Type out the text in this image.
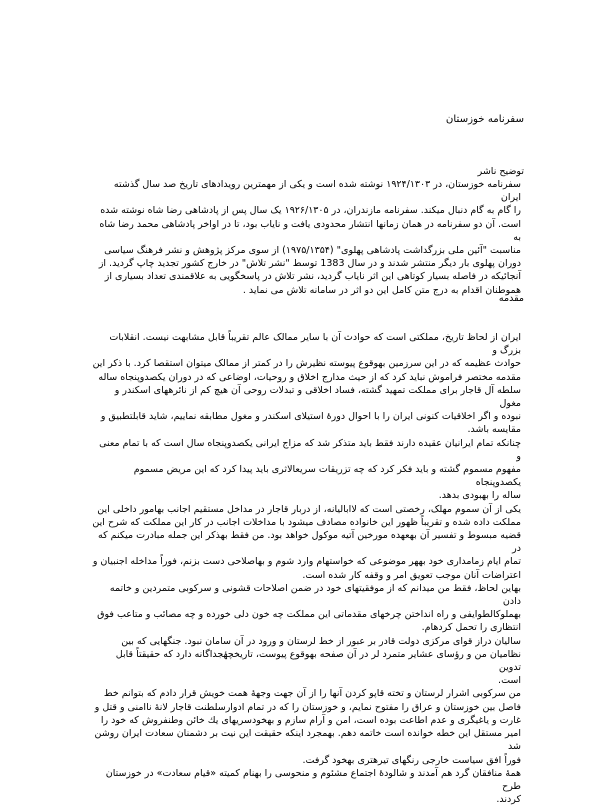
سفرنامه خوزستان
توضیح ناشر
سفرنامه خوزستان، در ۱۹۲۴/۱۳۰۳ نوشته شده است و یکی از مهمترین رویدادهای تاریخ صد سال گذشته ایران
را گام به گام دنبال میکند. سفرنامه مازندران، در ۱۹۲۶/۱۳۰۵ یک سال پس از پادشاهی رضا شاه نوشته شده
است. آن دو سفرنامه در همان زمانها انتشار محدودی یافت و نایاب بود، تا در اواخر پادشاهی محمد رضا شاه به
مناسبت "آئین ملی بزرگداشت پادشاهی پهلوی" (۱۹۷۵/۱۳۵۴) از سوی مرکز پژوهش و نشر فرهنگ سیاسی
دوران پهلوی بار دیگر منتشر شدند و در سال 1383 توسط "نشر تلاش" در خارج کشور تجدید چاپ گردید. از
آنجائیکه در فاصله بسیار کوتاهی این اثر نایاب گردید، نشر تلاش در پاسخگویی به علاقمندی تعداد بسیاری از
هموطنان اقدام به درج متن کامل این دو اثر در سامانه تلاش می نماید .
مقدمه
ایران از لحاظ تاریخ، مملکتی است که حوادث آن با سایر ممالک عالم تقریباً قابل مشابهت نیست. انقلابات بزرگ و
حوادث عظیمه که در این سرزمین بهوقوع پیوسته نظیرش را در کمتر از ممالک میتوان استقصا کرد. با ذکر این
مقدمه مختصر فراموش نباید کرد که از حیث مدارج اخلاق و روحیات، اوضاعی که در دوران یکصدوپنجاه ساله
سلطه آل قاجار برای مملکت تمهید گشته، فساد اخلاقی و تبدلات روحی آن هیچ کم از نائرههای اسکندر و مغول
نبوده و اگر اخلاقیات کنونی ایران را با احوال دورهٔ استیلای اسکندر و مغول مطابقه نماییم، شاید قابلتطبیق و
مقایسه باشد.
چنانکه تمام ایرانیان عقیده دارند فقط باید متذکر شد که مزاج ایرانی یکصدوپنجاه سال است که با تمام معنی و
مفهوم مسموم گشته و باید فکر کرد که چه تزریقات سریعالاثری باید پیدا کرد که این مریض مسموم یکصدوپنجاه
ساله را بهبودی بدهد.
یکی از آن سموم مهلک، رخصتی است که لاابالیانه، از دربار قاجار در مداخل مستقیم اجانب بهامور داخلی این
مملکت داده شده و تقریباً ظهور این خانواده مصادف میشود با مداخلات اجانب در کار این مملکت که شرح این
قضیه مبسوط و تفسیر آن بهعهده مورخین آتیه موکول خواهد بود. من فقط بهذکر این جمله مبادرت میکنم که در
تمام ایام زمامداری خود بههر موضوعی که خواستهام وارد شوم و بهاصلاحی دست بزنم، فوراً مداخله اجنبیان و
اعتراضات آنان موجب تعویق امر و وقفه کار شده است.
بهاین لحاظ، فقط من میدانم که از موفقیتهای خود در ضمن اصلاحات قشونی و سرکوبی متمردین و خاتمه دادن
بهملوکالطوایفی و راه انداختن چرخهای مقدماتی این مملکت چه خون دلی خورده و چه مصائب و متاعب فوق
انتظاری را تحمل کردهام.
سالیان دراز قوای مرکزی دولت قادر بر عبور از خط لرستان و ورود در آن سامان نبود. جنگهایی که بین
نظامیان من و رؤسای عشایر متمرد لر در آن صفحه بهوقوع پیوست، تاریخچهٔجداگانه دارد که حقیقتاً قابل تدوین
است.
من سرکوبی اشرار لرستان و تخته قاپو کردن آنها را از آن جهت وجههٔ همت خویش قرار دادم که بتوانم خط
فاصل بین خوزستان و عراق را مفتوح نمایم، و خوزستان را که در تمام ادوارسلطنت قاجار لانهٔ ناامنی و قتل و
غارت و یاغیگری و عدم اطاعت بوده است، امن و آرام سازم و بهخودسریهای یك خائن وطنفروش که خود را
امیر مستقل این خطه خوانده است خاتمه دهم. بهمجرد اینکه حقیقت این نیت بر دشمنان سعادت ایران روشن شد
فوراً افق سیاست خارجی رنگهای تیرهتری بهخود گرفت.
همهٔ منافقان گرد هم آمدند و شالودهٔ اجتماع مشئوم و منحوسی را بهنام کمیته «قیام سعادت» در خوزستان طرح
کردند.
